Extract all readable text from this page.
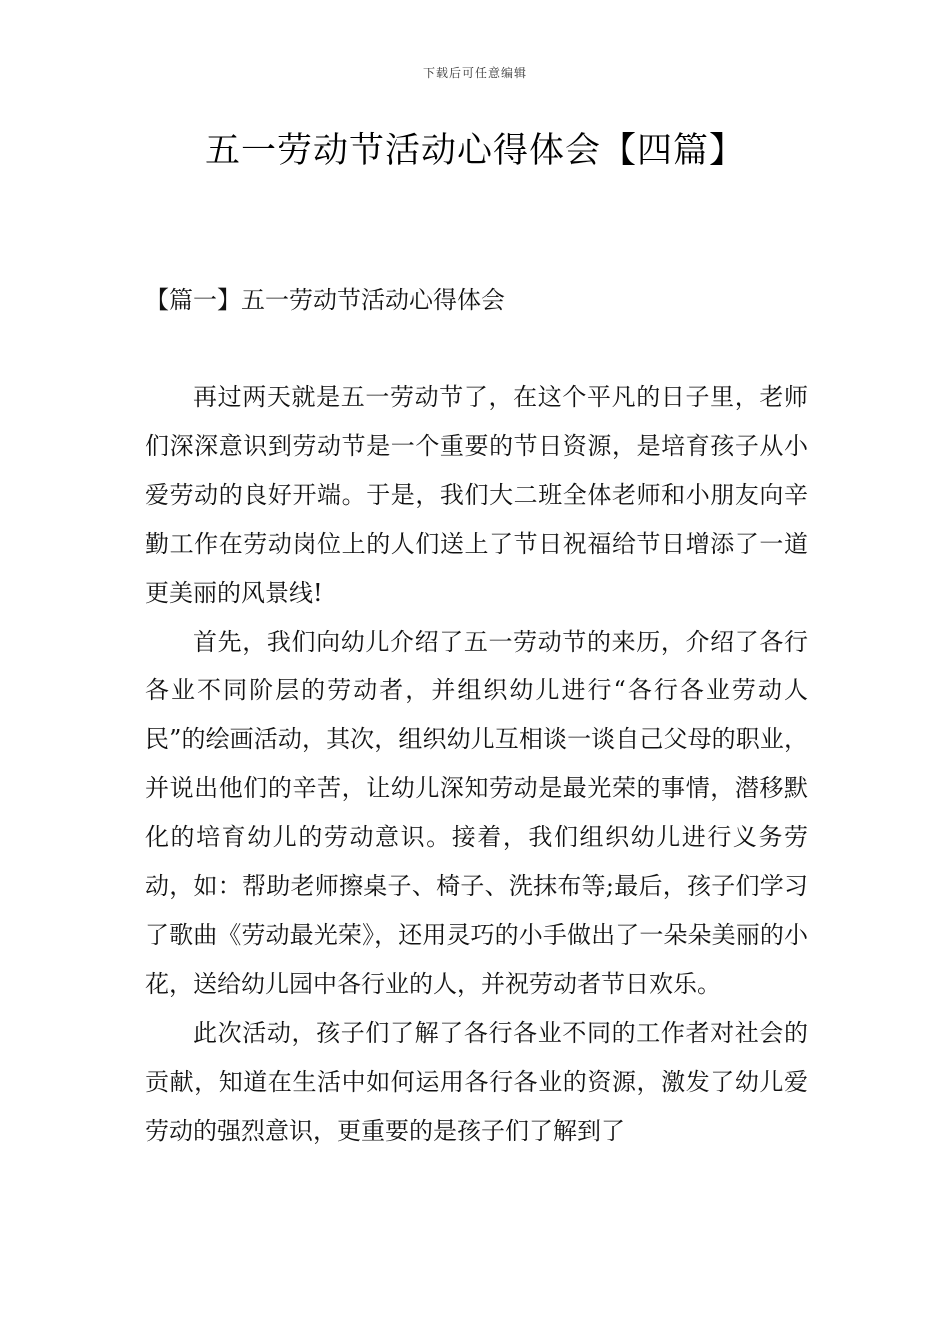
下载后可任意编辑
五一劳动节活动心得体会【四篇】
【篇一】五一劳动节活动心得体会

再过两天就是五一劳动节了，在这个平凡的日子里，老师们深深意识到劳动节是一个重要的节日资源，是培育孩子从小爱劳动的良好开端。于是，我们大二班全体老师和小朋友向辛勤工作在劳动岗位上的人们送上了节日祝福给节日增添了一道更美丽的风景线!

首先，我们向幼儿介绍了五一劳动节的来历，介绍了各行各业不同阶层的劳动者，并组织幼儿进行“各行各业劳动人民”的绘画活动，其次，组织幼儿互相谈一谈自己父母的职业，并说出他们的辛苦，让幼儿深知劳动是最光荣的事情，潜移默化的培育幼儿的劳动意识。接着，我们组织幼儿进行义务劳动，如：帮助老师擦桌子、椅子、洗抹布等;最后，孩子们学习了歌曲《劳动最光荣》，还用灵巧的小手做出了一朵朵美丽的小花，送给幼儿园中各行业的人，并祝劳动者节日欢乐。

此次活动，孩子们了解了各行各业不同的工作者对社会的贡献，知道在生活中如何运用各行各业的资源，激发了幼儿爱劳动的强烈意识，更重要的是孩子们了解到了
